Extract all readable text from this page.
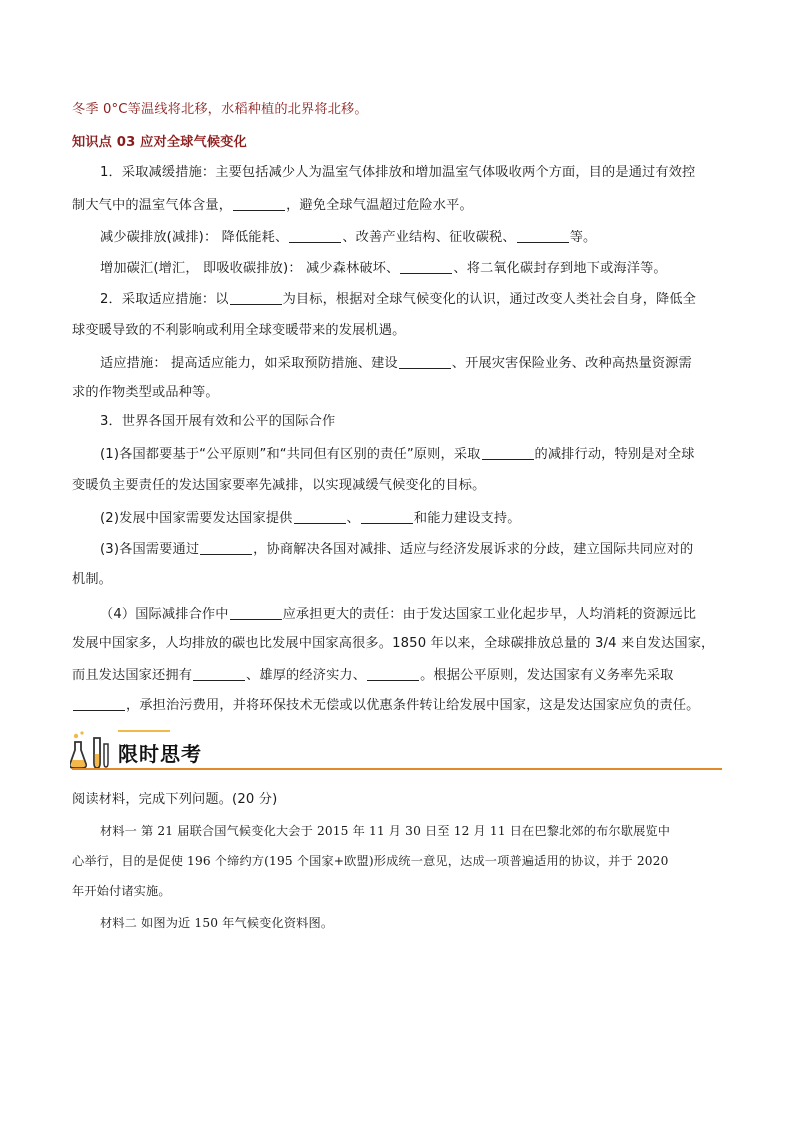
冬季 0°C等温线将北移，水稻种植的北界将北移。
知识点 03 应对全球气候变化
1．采取减缓措施：主要包括减少人为温室气体排放和增加温室气体吸收两个方面，目的是通过有效控
制大气中的温室气体含量，	，避免全球气温超过危险水平。
减少碳排放(减排)： 降低能耗、	、改善产业结构、征收碳税、	等。
增加碳汇(增汇， 即吸收碳排放)： 减少森林破坏、	、将二氧化碳封存到地下或海洋等。
2．采取适应措施：以	为目标，根据对全球气候变化的认识，通过改变人类社会自身，降低全
球变暖导致的不利影响或利用全球变暖带来的发展机遇。
适应措施： 提高适应能力，如采取预防措施、建设	、开展灾害保险业务、改种高热量资源需
求的作物类型或品种等。
3．世界各国开展有效和公平的国际合作
(1)各国都要基于“公平原则”和“共同但有区别的责任”原则，采取	的减排行动，特别是对全球
变暖负主要责任的发达国家要率先减排，以实现减缓气候变化的目标。
(2)发展中国家需要发达国家提供	、	和能力建设支持。
(3)各国需要通过	，协商解决各国对减排、适应与经济发展诉求的分歧，建立国际共同应对的
机制。
（4）国际减排合作中	应承担更大的责任：由于发达国家工业化起步早，人均消耗的资源远比
发展中国家多，人均排放的碳也比发展中国家高很多。1850 年以来，全球碳排放总量的 3/4 来自发达国家，
而且发达国家还拥有	、雄厚的经济实力、	。根据公平原则，发达国家有义务率先采取
，承担治污费用，并将环保技术无偿或以优惠条件转让给发展中国家，这是发达国家应负的责任。
限时思考
阅读材料，完成下列问题。(20 分)
材料一 第 21 届联合国气候变化大会于 2015 年 11 月 30 日至 12 月 11 日在巴黎北郊的布尔歇展览中
心举行，目的是促使 196 个缔约方(195 个国家+欧盟)形成统一意见，达成一项普遍适用的协议，并于 2020
年开始付诸实施。
材料二 如图为近 150 年气候变化资料图。
